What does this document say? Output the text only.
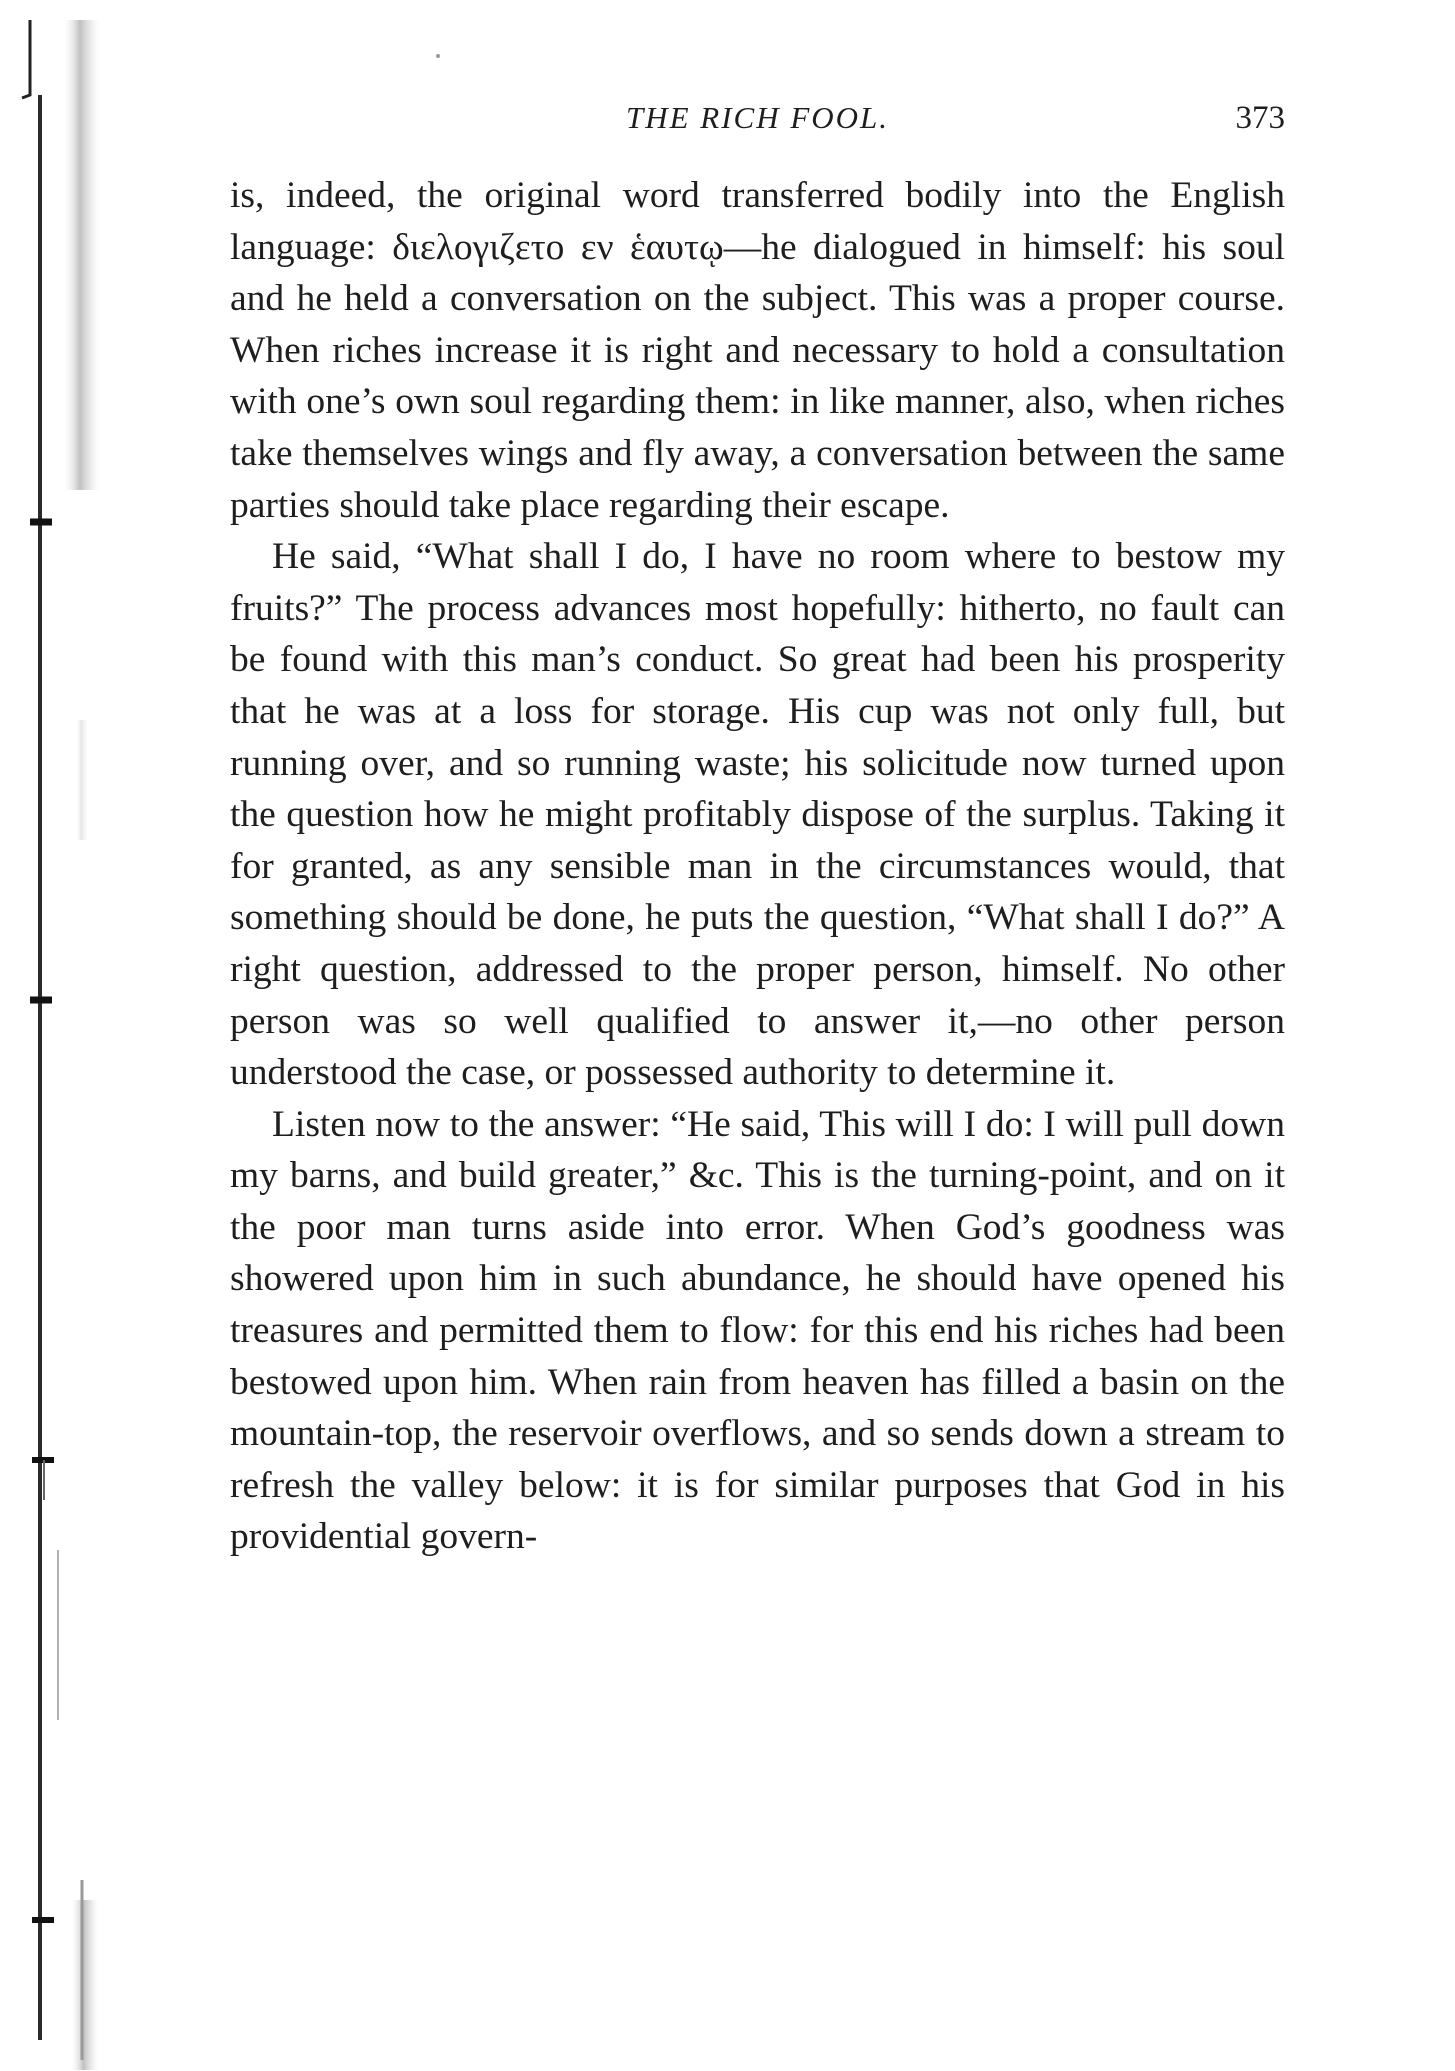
THE RICH FOOL.	373

is, indeed, the original word transferred bodily into the English language: διελογιζετο εν ἑαυτῳ—he dialogued in himself: his soul and he held a conversation on the subject. This was a proper course. When riches increase it is right and necessary to hold a consultation with one’s own soul regarding them: in like manner, also, when riches take themselves wings and fly away, a conversation between the same parties should take place regarding their escape.

He said, “What shall I do, I have no room where to bestow my fruits?” The process advances most hopefully: hitherto, no fault can be found with this man’s conduct. So great had been his prosperity that he was at a loss for storage. His cup was not only full, but running over, and so running waste; his solicitude now turned upon the question how he might profitably dispose of the surplus. Taking it for granted, as any sensible man in the circumstances would, that something should be done, he puts the question, “What shall I do?” A right question, addressed to the proper person, himself. No other person was so well qualified to answer it,—no other person understood the case, or possessed authority to determine it.

Listen now to the answer: “He said, This will I do: I will pull down my barns, and build greater,” &c. This is the turning-point, and on it the poor man turns aside into error. When God’s goodness was showered upon him in such abundance, he should have opened his treasures and permitted them to flow: for this end his riches had been bestowed upon him. When rain from heaven has filled a basin on the mountain-top, the reservoir overflows, and so sends down a stream to refresh the valley below: it is for similar purposes that God in his providential govern-
